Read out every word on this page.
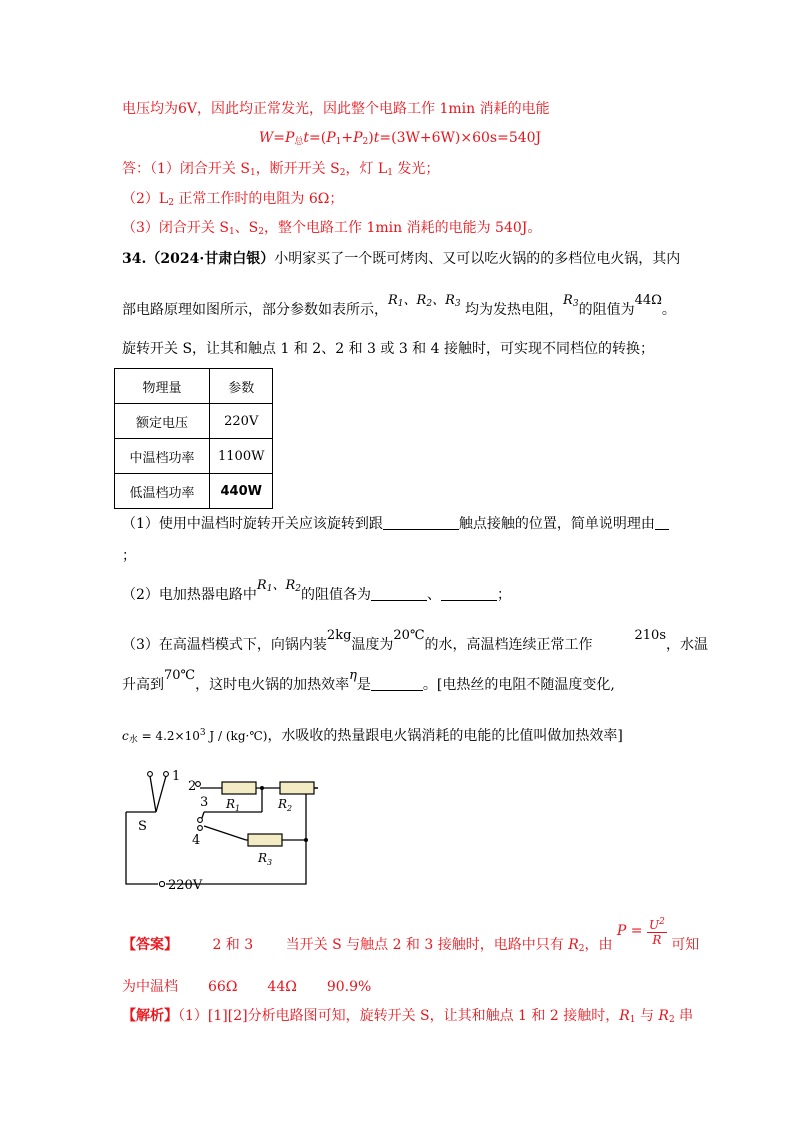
电压均为6V，因此均正常发光，因此整个电路工作 1min 消耗的电能
$W=P_总t=(P_1+P_2)t=(3W+6W)\times 60s=540J$
答：（1）闭合开关 $S_1$，断开开关 $S_2$，灯 $L_1$ 发光；
$(2)L_2$ 正常工作时的电阻为 6Ω；
（3）闭合开关 $S_1$、$S_2$，整个电路工作 1min 消耗的电能为 540J。
34.（2024·甘肃白银）小明家买了一个既可烤肉、又可以吃火锅的的多档位电火锅，其内
部电路原理如图所示，部分参数如表所示，$R_1$、$R_2$、$R_3$ 均为发热电阻，$R_3$的阻值为44Ω。
旋转开关 S，让其和触点 1 和 2、2 和 3 或 3 和 4 接触时，可实现不同档位的转换；
物理量	参数
额定电压	220V
中温档功率	1100W
低温档功率	440W
（1）使用中温档时旋转开关应该旋转到跟	触点接触的位置，简单说明理由
；
（2）电加热器电路中$R_1$、$R_2$的阻值各为	、	；
（3）在高温档模式下，向锅内装2kg温度为20℃的水，高温档连续正常工作210s，水温
升高到70℃，这时电火锅的加热效率η是	。[电热丝的电阻不随温度变化,
$c_水 = 4.2\times 10^3$ J / (kg·℃)，水吸收的热量跟电火锅消耗的电能的比值叫做加热效率]
1
2
3
4
S
220V
$R_1$	$R_2$
$R_3$
【答案】 2 和 3 当开关 S 与触点 2 和 3 接触时，电路中只有 $R_2$，由 $P = \frac{U^2}{R}$ 可知
为中温档 66Ω 44Ω 90.9%
【解析】（1）[1][2]分析电路图可知，旋转开关 S，让其和触点 1 和 2 接触时，$R_1$ 与 $R_2$ 串
